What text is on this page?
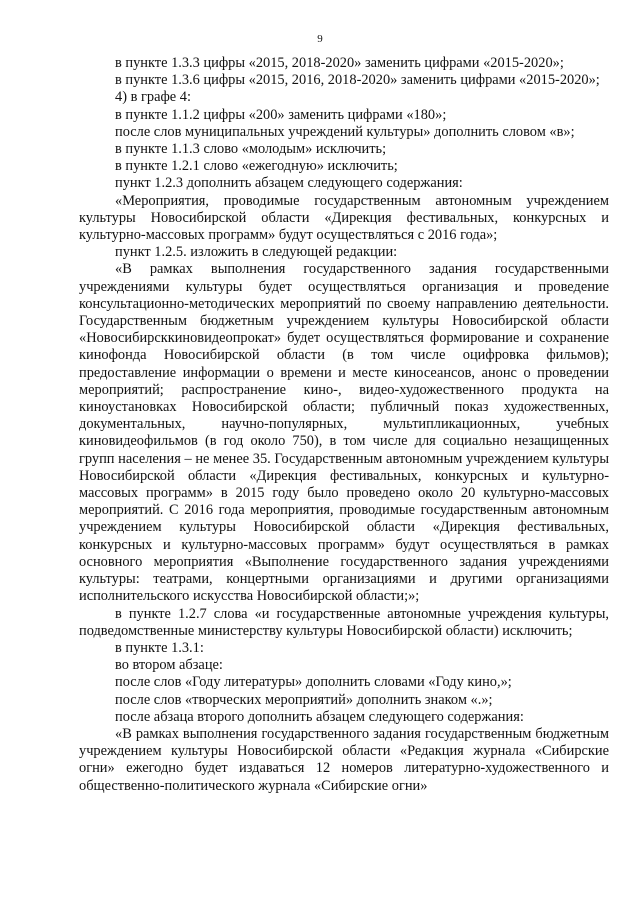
9

в пункте 1.3.3 цифры «2015, 2018-2020» заменить цифрами «2015-2020»;

в пункте 1.3.6 цифры «2015, 2016, 2018-2020» заменить цифрами «2015-2020»;

4) в графе 4:

в пункте 1.1.2 цифры «200» заменить цифрами «180»;

после слов муниципальных учреждений культуры» дополнить словом «в»;

в пункте 1.1.3 слово «молодым» исключить;

в пункте 1.2.1 слово «ежегодную» исключить;

пункт 1.2.3 дополнить абзацем следующего содержания:

«Мероприятия, проводимые государственным автономным учреждением культуры Новосибирской области «Дирекция фестивальных, конкурсных и культурно-массовых программ» будут осуществляться с 2016 года»;

пункт 1.2.5. изложить в следующей редакции:

«В рамках выполнения государственного задания государственными учреждениями культуры будет осуществляться организация и проведение консультационно-методических мероприятий по своему направлению деятельности. Государственным бюджетным учреждением культуры Новосибирской области «Новосибирсккиновидеопрокат» будет осуществляться формирование и сохранение кинофонда Новосибирской области (в том числе оцифровка фильмов); предоставление информации о времени и месте киносеансов, анонс о проведении мероприятий; распространение кино-, видео-художественного продукта на киноустановках Новосибирской области; публичный показ художественных, документальных, научно-популярных, мультипликационных, учебных киновидеофильмов (в год около 750), в том числе для социально незащищенных групп населения – не менее 35. Государственным автономным учреждением культуры Новосибирской области «Дирекция фестивальных, конкурсных и культурно-массовых программ» в 2015 году было проведено около 20 культурно-массовых мероприятий. С 2016 года мероприятия, проводимые государственным автономным учреждением культуры Новосибирской области «Дирекция фестивальных, конкурсных и культурно-массовых программ» будут осуществляться в рамках основного мероприятия «Выполнение государственного задания учреждениями культуры: театрами, концертными организациями и другими организациями исполнительского искусства Новосибирской области;»;

в пункте 1.2.7 слова «и государственные автономные учреждения культуры, подведомственные министерству культуры Новосибирской области) исключить;

в пункте 1.3.1:

во втором абзаце:

после слов «Году литературы» дополнить словами «Году кино,»;

после слов «творческих мероприятий» дополнить знаком «.»;

после абзаца второго дополнить абзацем следующего содержания:

«В рамках выполнения государственного задания государственным бюджетным учреждением культуры Новосибирской области «Редакция журнала «Сибирские огни» ежегодно будет издаваться 12 номеров литературно-художественного и общественно-политического журнала «Сибирские огни»
